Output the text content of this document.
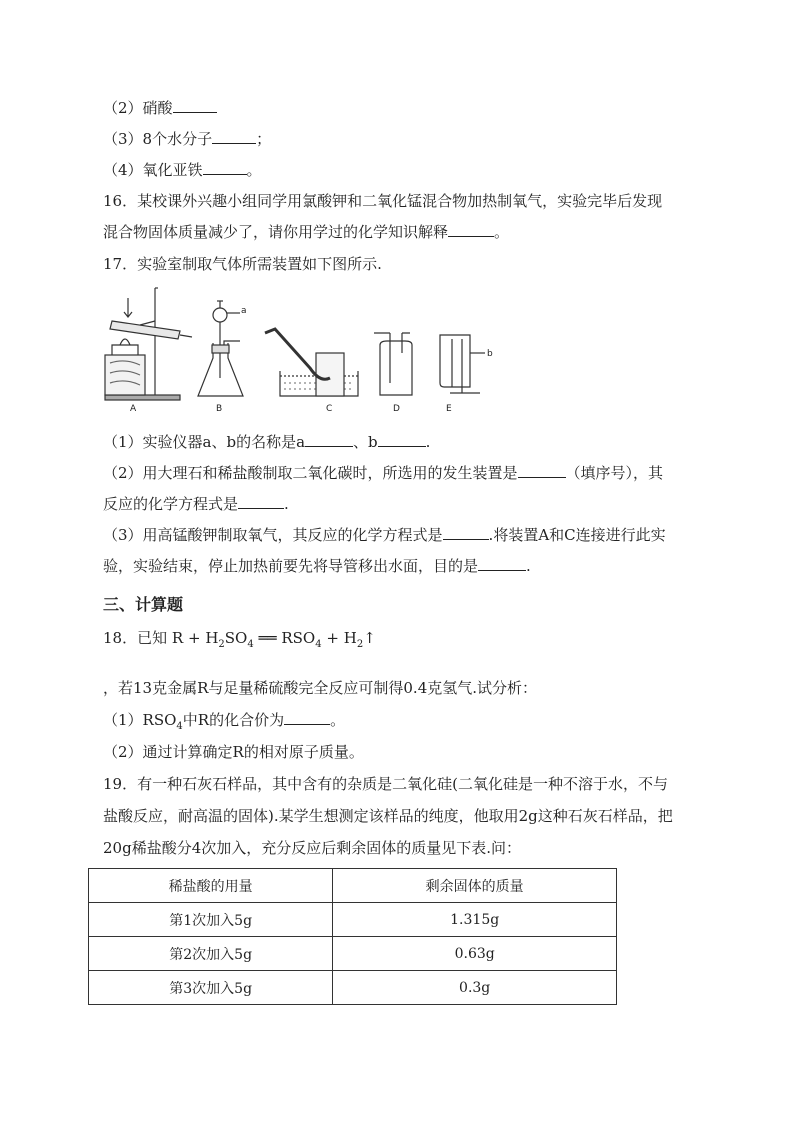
（2）硝酸
（3）8个水分子	；
（4）氧化亚铁	。
16．某校课外兴趣小组同学用氯酸钾和二氧化锰混合物加热制氧气，实验完毕后发现
混合物固体质量减少了，请你用学过的化学知识解释	。
17．实验室制取气体所需装置如下图所示.
A	B	C	D	E
a
b
（1）实验仪器a、b的名称是a	、b	.
（2）用大理石和稀盐酸制取二氧化碳时，所选用的发生装置是	（填序号），其
反应的化学方程式是	.
（3）用高锰酸钾制取氧气，其反应的化学方程式是	.将装置A和C连接进行此实
验，实验结束，停止加热前要先将导管移出水面，目的是	.
三、计算题
18．已知 $R + H_2SO_4$ ══ $RSO_4$ + $H_2↑$
，若13克金属R与足量稀硫酸完全反应可制得0.4克氢气.试分析：
$(1)RSO_4$中R的化合价为	。
（2）通过计算确定R的相对原子质量。
19．有一种石灰石样品，其中含有的杂质是二氧化硅(二氧化硅是一种不溶于水，不与
盐酸反应，耐高温的固体).某学生想测定该样品的纯度，他取用2g这种石灰石样品，把
20g稀盐酸分4次加入，充分反应后剩余固体的质量见下表.问：
稀盐酸的用量	剩余固体的质量
第1次加入5g	1.315g
第2次加入5g	0.63g
第3次加入5g	0.3g
